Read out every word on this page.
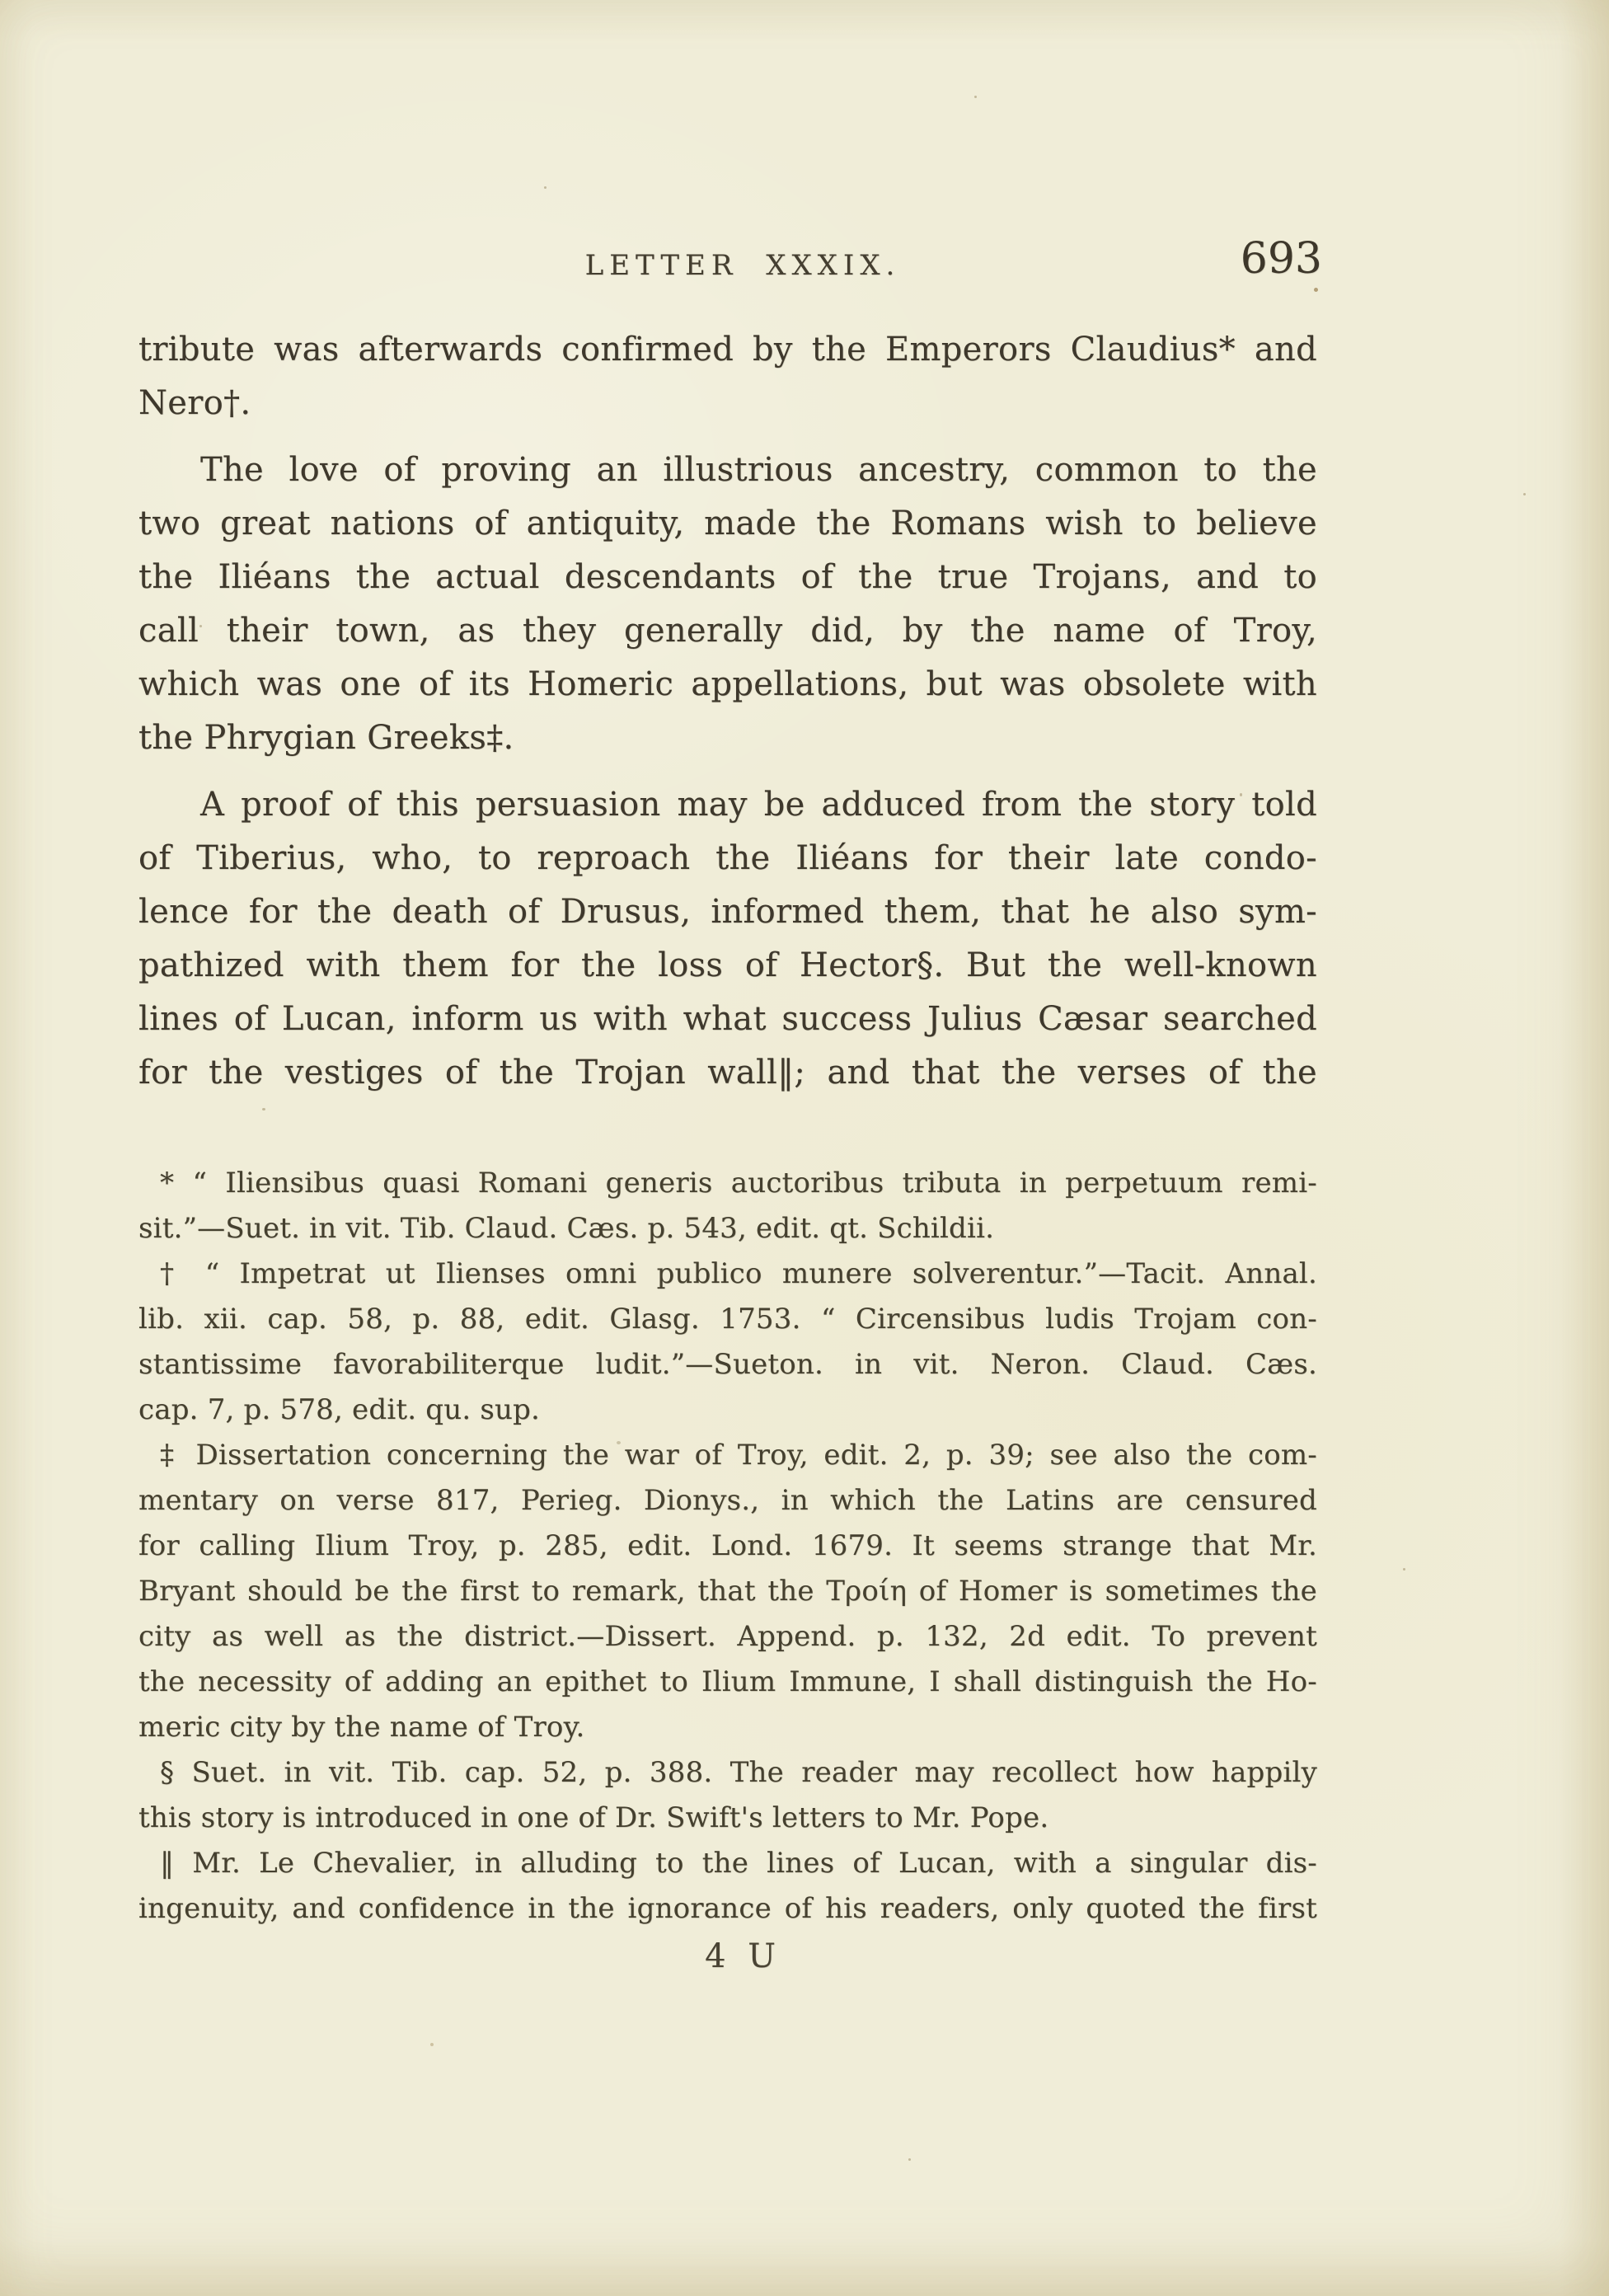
LETTER XXXIX.	693
tribute was afterwards confirmed by the Emperors Claudius* and
Nero†.
The love of proving an illustrious ancestry, common to the
two great nations of antiquity, made the Romans wish to believe
the Iliéans the actual descendants of the true Trojans, and to
call their town, as they generally did, by the name of Troy,
which was one of its Homeric appellations, but was obsolete with
the Phrygian Greeks‡.
A proof of this persuasion may be adduced from the story told
of Tiberius, who, to reproach the Iliéans for their late condo-
lence for the death of Drusus, informed them, that he also sym-
pathized with them for the loss of Hector§. But the well-known
lines of Lucan, inform us with what success Julius Cæsar searched
for the vestiges of the Trojan wall‖; and that the verses of the
* “ Iliensibus quasi Romani generis auctoribus tributa in perpetuum remi-
sit.”—Suet. in vit. Tib. Claud. Cæs. p. 543, edit. qt. Schildii.
† “ Impetrat ut Ilienses omni publico munere solverentur.”—Tacit. Annal.
lib. xii. cap. 58, p. 88, edit. Glasg. 1753. “ Circensibus ludis Trojam con-
stantissime favorabiliterque ludit.”—Sueton. in vit. Neron. Claud. Cæs.
cap. 7, p. 578, edit. qu. sup.
‡ Dissertation concerning the war of Troy, edit. 2, p. 39; see also the com-
mentary on verse 817, Perieg. Dionys., in which the Latins are censured
for calling Ilium Troy, p. 285, edit. Lond. 1679. It seems strange that Mr.
Bryant should be the first to remark, that the Τροίη of Homer is sometimes the
city as well as the district.—Dissert. Append. p. 132, 2d edit. To prevent
the necessity of adding an epithet to Ilium Immune, I shall distinguish the Ho-
meric city by the name of Troy.
§ Suet. in vit. Tib. cap. 52, p. 388. The reader may recollect how happily
this story is introduced in one of Dr. Swift's letters to Mr. Pope.
‖ Mr. Le Chevalier, in alluding to the lines of Lucan, with a singular dis-
ingenuity, and confidence in the ignorance of his readers, only quoted the first
4 U
